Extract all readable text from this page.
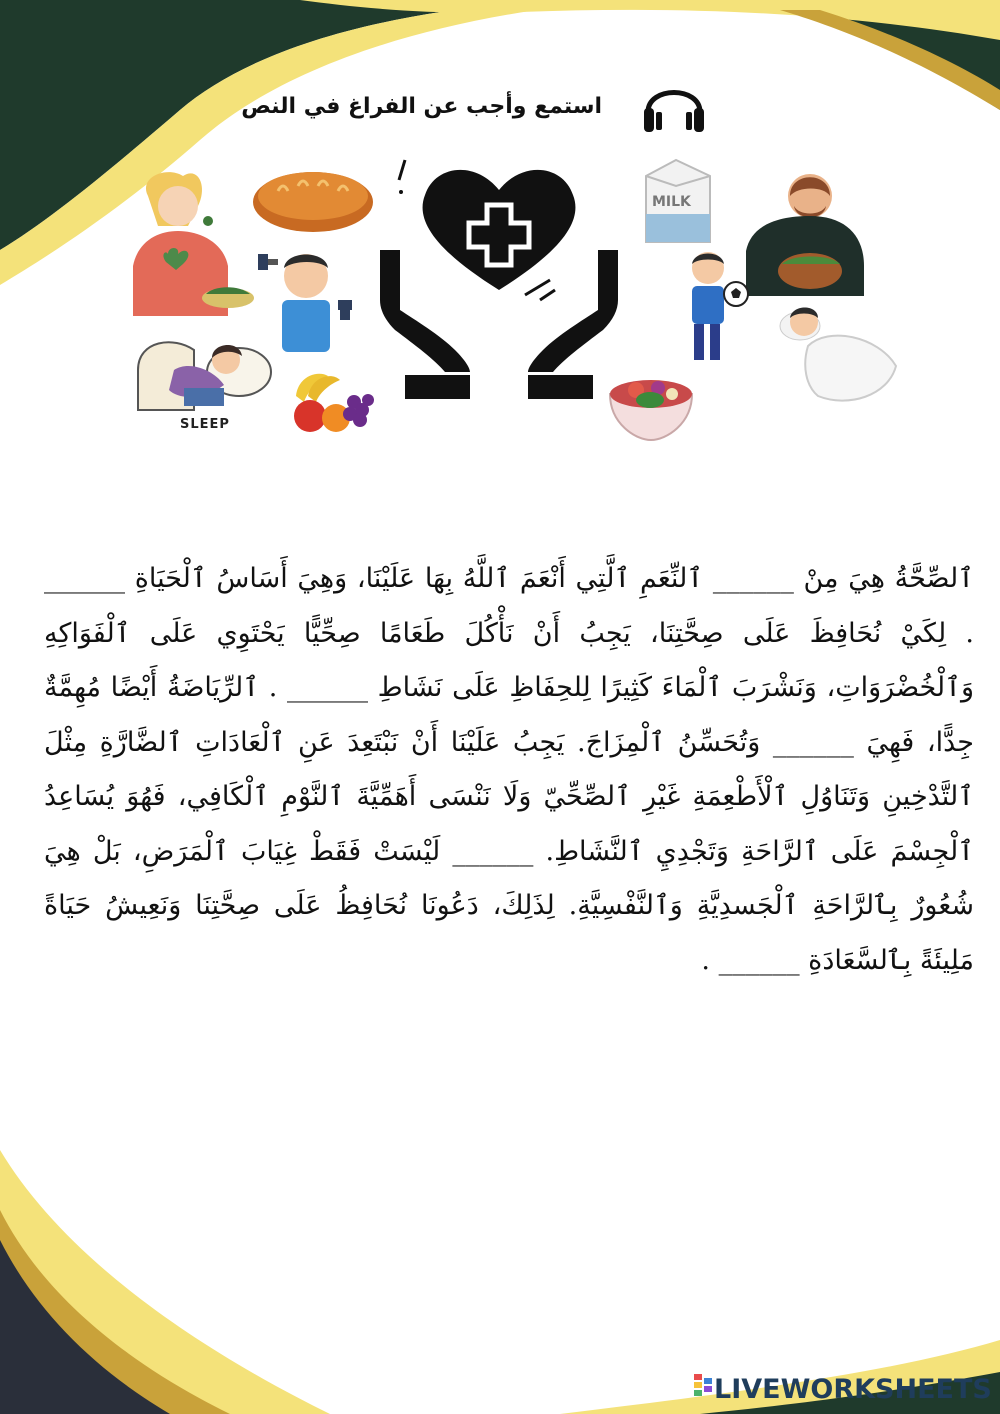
استمع وأجب عن الفراغ في النص
MILK
SLEEP
ٱلصِّحَّةُ هِيَ مِنْ ______ ٱلنِّعَمِ ٱلَّتِي أَنْعَمَ ٱللَّهُ بِهَا عَلَيْنَا، وَهِيَ أَسَاسُ ٱلْحَيَاةِ ______ . لِكَيْ نُحَافِظَ عَلَى صِحَّتِنَا، يَجِبُ أَنْ نَأْكُلَ طَعَامًا صِحِّيًّا يَحْتَوِي عَلَى ٱلْفَوَاكِهِ وَٱلْخُضْرَوَاتِ، وَنَشْرَبَ ٱلْمَاءَ كَثِيرًا لِلحِفَاظِ عَلَى نَشَاطِ ______ . ٱلرِّيَاضَةُ أَيْضًا مُهِمَّةٌ جِدًّا، فَهِيَ ______ وَتُحَسِّنُ ٱلْمِزَاجَ. يَجِبُ عَلَيْنَا أَنْ نَبْتَعِدَ عَنِ ٱلْعَادَاتِ ٱلضَّارَّةِ مِثْلَ ٱلتَّدْخِينِ وَتَنَاوُلِ ٱلْأَطْعِمَةِ غَيْرِ ٱلصِّحِّيّ وَلَا نَنْسَى أَهَمِّيَّةَ ٱلنَّوْمِ ٱلْكَافِي، فَهُوَ يُسَاعِدُ ٱلْجِسْمَ عَلَى ٱلرَّاحَةِ وَتَجْدِيِ ٱلنَّشَاطِ. ______ لَيْسَتْ فَقَطْ غِيَابَ ٱلْمَرَضِ، بَلْ هِيَ شُعُورٌ بِٱلرَّاحَةِ ٱلْجَسدِيَّةِ وَٱلنَّفْسِيَّةِ. لِذَلِكَ، دَعُونَا نُحَافِظُ عَلَى صِحَّتِنَا وَنَعِيشُ حَيَاةً مَلِيئَةً بِٱلسَّعَادَةِ ______ .
LIVEWORKSHEETS
